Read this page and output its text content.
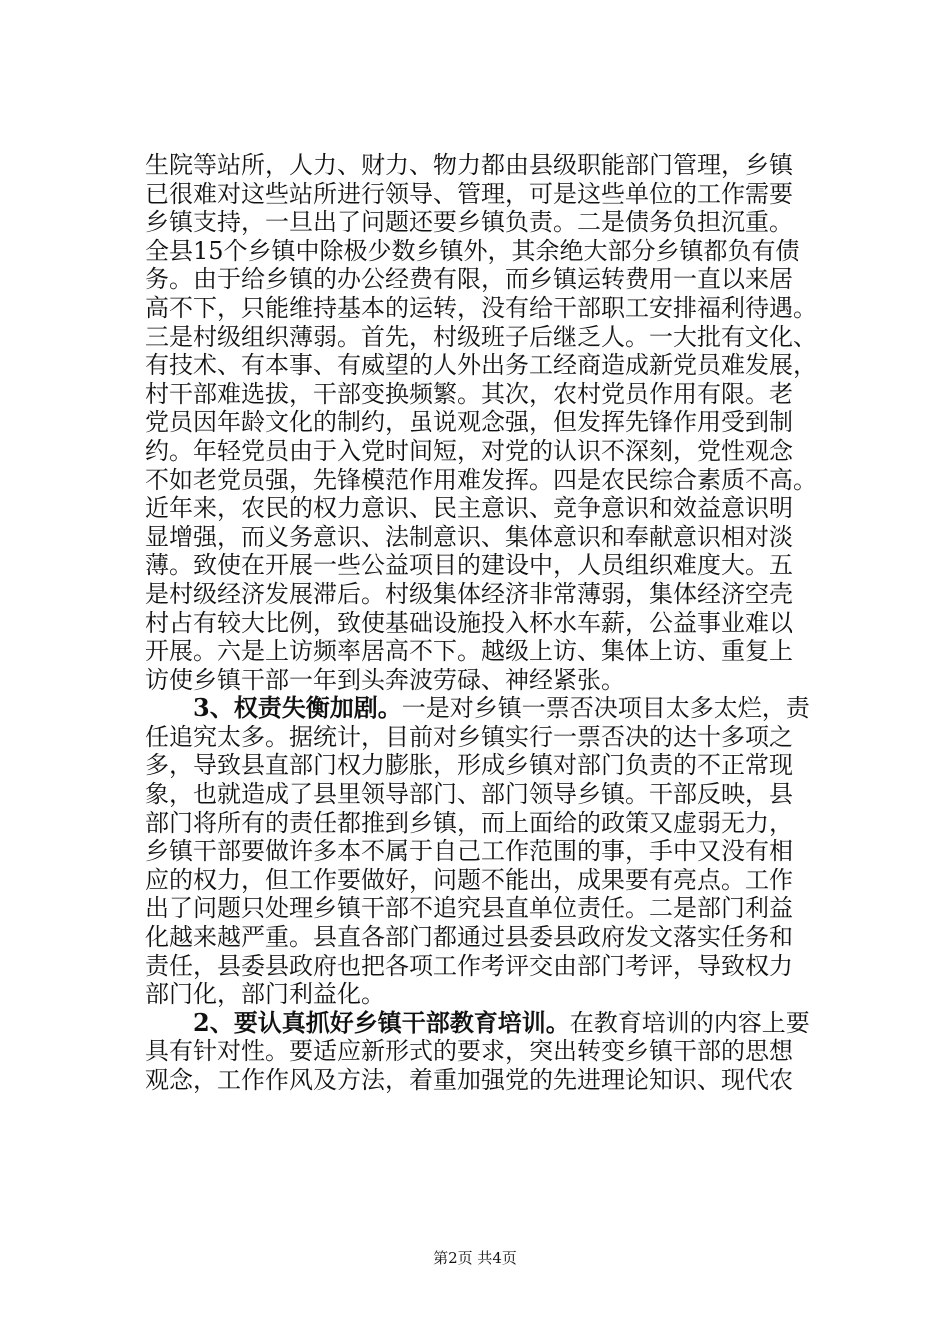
生院等站所，人力、财力、物力都由县级职能部门管理，乡镇
已很难对这些站所进行领导、管理，可是这些单位的工作需要
乡镇支持，一旦出了问题还要乡镇负责。二是债务负担沉重。
全县15个乡镇中除极少数乡镇外，其余绝大部分乡镇都负有债
务。由于给乡镇的办公经费有限，而乡镇运转费用一直以来居
高不下，只能维持基本的运转，没有给干部职工安排福利待遇。
三是村级组织薄弱。首先，村级班子后继乏人。一大批有文化、
有技术、有本事、有威望的人外出务工经商造成新党员难发展，
村干部难选拔，干部变换频繁。其次，农村党员作用有限。老
党员因年龄文化的制约，虽说观念强，但发挥先锋作用受到制
约。年轻党员由于入党时间短，对党的认识不深刻，党性观念
不如老党员强，先锋模范作用难发挥。四是农民综合素质不高。
近年来，农民的权力意识、民主意识、竞争意识和效益意识明
显增强，而义务意识、法制意识、集体意识和奉献意识相对淡
薄。致使在开展一些公益项目的建设中，人员组织难度大。五
是村级经济发展滞后。村级集体经济非常薄弱，集体经济空壳
村占有较大比例，致使基础设施投入杯水车薪，公益事业难以
开展。六是上访频率居高不下。越级上访、集体上访、重复上
访使乡镇干部一年到头奔波劳碌、神经紧张。
3、权责失衡加剧。一是对乡镇一票否决项目太多太烂，责
任追究太多。据统计，目前对乡镇实行一票否决的达十多项之
多，导致县直部门权力膨胀，形成乡镇对部门负责的不正常现
象，也就造成了县里领导部门、部门领导乡镇。干部反映，县
部门将所有的责任都推到乡镇，而上面给的政策又虚弱无力，
乡镇干部要做许多本不属于自己工作范围的事，手中又没有相
应的权力，但工作要做好，问题不能出，成果要有亮点。工作
出了问题只处理乡镇干部不追究县直单位责任。二是部门利益
化越来越严重。县直各部门都通过县委县政府发文落实任务和
责任，县委县政府也把各项工作考评交由部门考评，导致权力
部门化，部门利益化。
2、要认真抓好乡镇干部教育培训。在教育培训的内容上要
具有针对性。要适应新形式的要求，突出转变乡镇干部的思想
观念，工作作风及方法，着重加强党的先进理论知识、现代农
第2页 共4页
